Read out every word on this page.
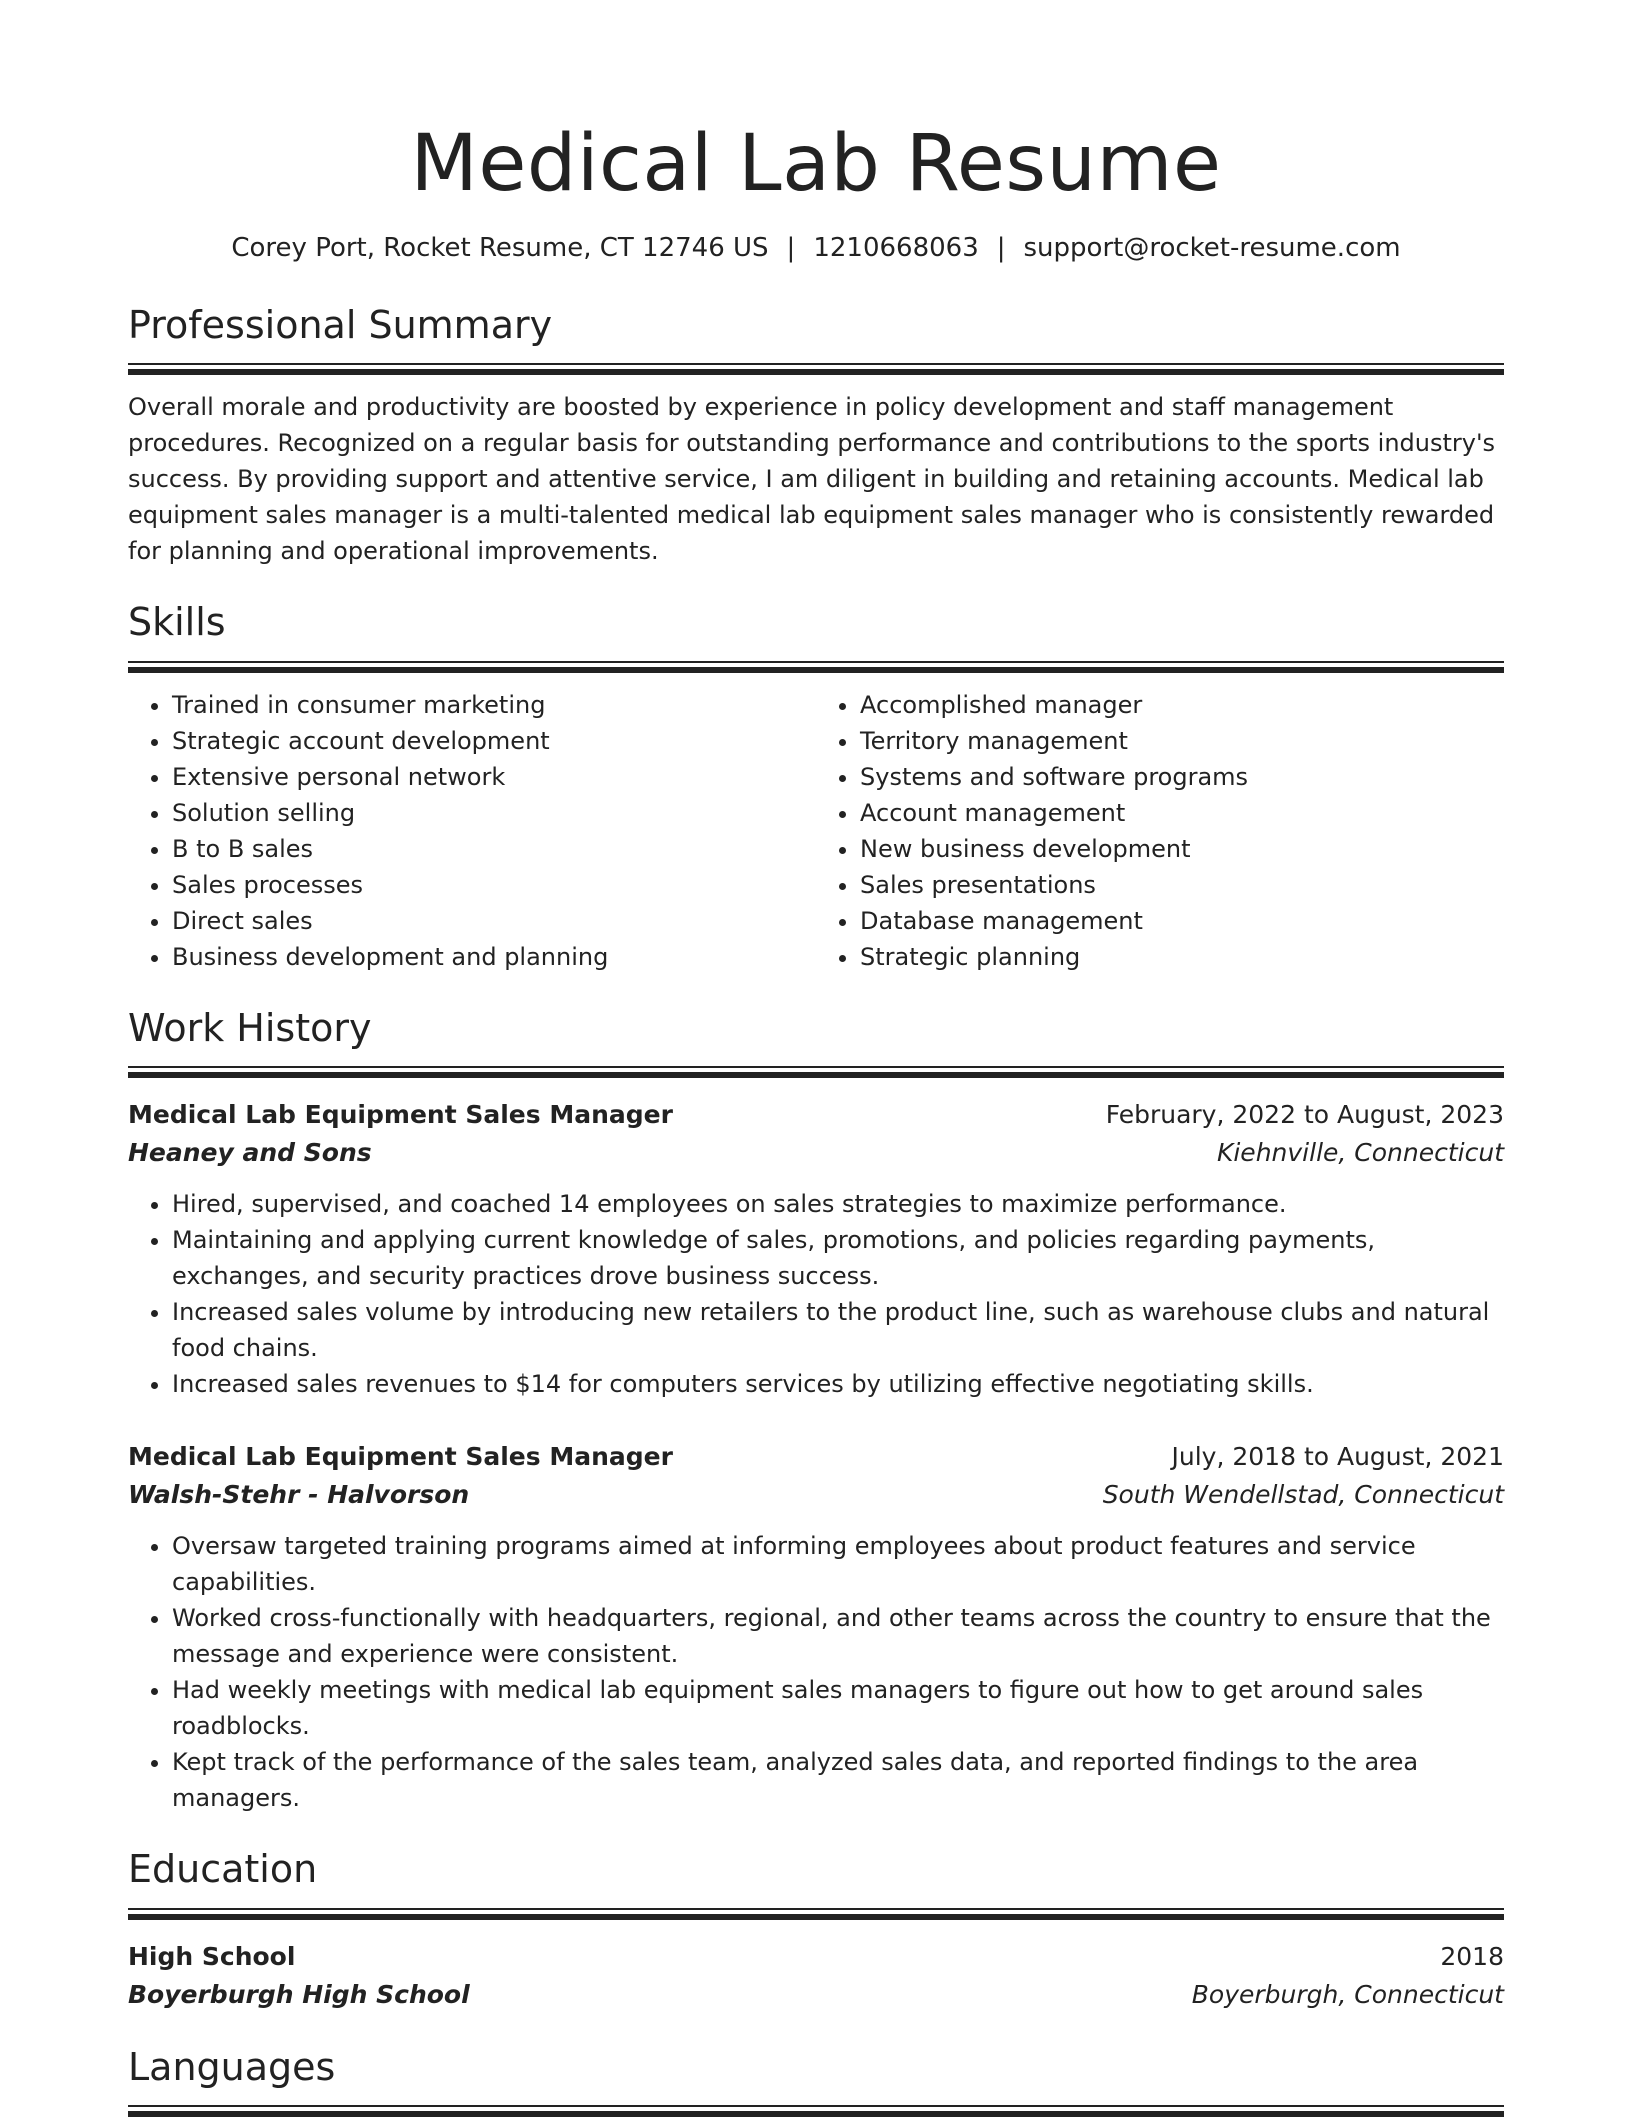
Medical Lab Resume
Corey Port, Rocket Resume, CT 12746 US | 1210668063 | support@rocket-resume.com
Professional Summary
Overall morale and productivity are boosted by experience in policy development and staff management procedures. Recognized on a regular basis for outstanding performance and contributions to the sports industry's success. By providing support and attentive service, I am diligent in building and retaining accounts. Medical lab equipment sales manager is a multi-talented medical lab equipment sales manager who is consistently rewarded for planning and operational improvements.
Skills
• Trained in consumer marketing
• Strategic account development
• Extensive personal network
• Solution selling
• B to B sales
• Sales processes
• Direct sales
• Business development and planning
• Accomplished manager
• Territory management
• Systems and software programs
• Account management
• New business development
• Sales presentations
• Database management
• Strategic planning
Work History
Medical Lab Equipment Sales Manager	February, 2022 to August, 2023
Heaney and Sons	Kiehnville, Connecticut
• Hired, supervised, and coached 14 employees on sales strategies to maximize performance.
• Maintaining and applying current knowledge of sales, promotions, and policies regarding payments, exchanges, and security practices drove business success.
• Increased sales volume by introducing new retailers to the product line, such as warehouse clubs and natural food chains.
• Increased sales revenues to $14 for computers services by utilizing effective negotiating skills.
Medical Lab Equipment Sales Manager	July, 2018 to August, 2021
Walsh-Stehr - Halvorson	South Wendellstad, Connecticut
• Oversaw targeted training programs aimed at informing employees about product features and service capabilities.
• Worked cross-functionally with headquarters, regional, and other teams across the country to ensure that the message and experience were consistent.
• Had weekly meetings with medical lab equipment sales managers to figure out how to get around sales roadblocks.
• Kept track of the performance of the sales team, analyzed sales data, and reported findings to the area managers.
Education
High School	2018
Boyerburgh High School	Boyerburgh, Connecticut
Languages
